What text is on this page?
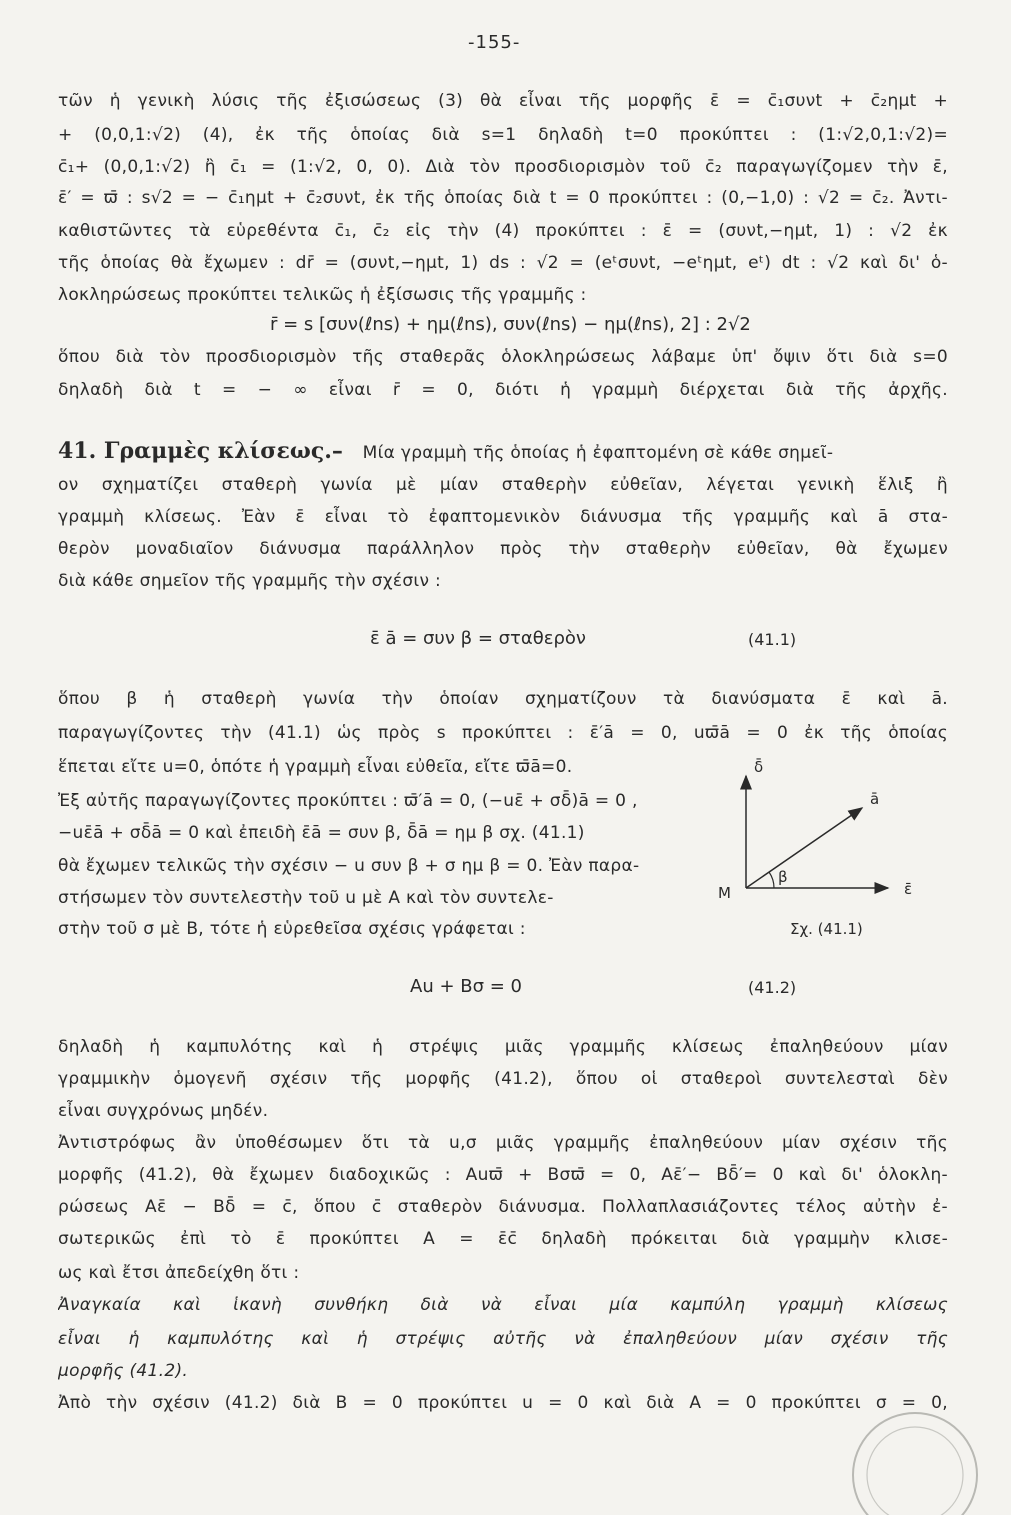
-155-
τῶν ἡ γενικὴ λύσις τῆς ἐξισώσεως (3) θὰ εἶναι τῆς μορφῆς ε̄ = c̄₁συνt + c̄₂ημt +
+ (0,0,1:√2) (4), ἐκ τῆς ὁποίας διὰ s=1 δηλαδὴ t=0 προκύπτει : (1:√2,0,1:√2)=
c̄₁+ (0,0,1:√2) ἢ c̄₁ = (1:√2, 0, 0). Διὰ τὸν προσδιορισμὸν τοῦ c̄₂ παραγωγίζομεν τὴν ε̄,
ε̄′ = ϖ̄ : s√2 = − c̄₁ημt + c̄₂συνt, ἐκ τῆς ὁποίας διὰ t = 0 προκύπτει : (0,−1,0) : √2 = c̄₂. Ἀντι-
καθιστῶντες τὰ εὑρεθέντα c̄₁, c̄₂ εἰς τὴν (4) προκύπτει : ε̄ = (συνt,−ημt, 1) : √2 ἐκ
τῆς ὁποίας θὰ ἔχωμεν : dr̄ = (συνt,−ημt, 1) ds : √2 = (eᵗσυνt, −eᵗημt, eᵗ) dt : √2 καὶ δι' ὁ-
λοκληρώσεως προκύπτει τελικῶς ἡ ἐξίσωσις τῆς γραμμῆς :
r̄ = s [συν(ℓns) + ημ(ℓns), συν(ℓns) − ημ(ℓns), 2] : 2√2
ὅπου διὰ τὸν προσδιορισμὸν τῆς σταθερᾶς ὁλοκληρώσεως λάβαμε ὑπ' ὄψιν ὅτι διὰ s=0
δηλαδὴ διὰ t = − ∞ εἶναι r̄ = 0, διότι ἡ γραμμὴ διέρχεται διὰ τῆς ἀρχῆς.
41. Γραμμὲς κλίσεως.– Μία γραμμὴ τῆς ὁποίας ἡ ἐφαπτομένη σὲ κάθε σημεῖ-
ον σχηματίζει σταθερὴ γωνία μὲ μίαν σταθερὴν εὐθεῖαν, λέγεται γενικὴ ἕλιξ ἢ
γραμμὴ κλίσεως. Ἐὰν ε̄ εἶναι τὸ ἐφαπτομενικὸν διάνυσμα τῆς γραμμῆς καὶ ā στα-
θερὸν μοναδιαῖον διάνυσμα παράλληλον πρὸς τὴν σταθερὴν εὐθεῖαν, θὰ ἔχωμεν
διὰ κάθε σημεῖον τῆς γραμμῆς τὴν σχέσιν :
ε̄ ā = συν β = σταθερὸν	(41.1)
ὅπου β ἡ σταθερὴ γωνία τὴν ὁποίαν σχηματίζουν τὰ διανύσματα ε̄ καὶ ā.
παραγωγίζοντες τὴν (41.1) ὡς πρὸς s προκύπτει : ε̄′ā = 0, uϖ̄ā = 0 ἐκ τῆς ὁποίας
ἕπεται εἴτε u=0, ὁπότε ἡ γραμμὴ εἶναι εὐθεῖα, εἴτε ϖ̄ā=0.
Ἐξ αὐτῆς παραγωγίζοντες προκύπτει : ϖ̄′ā = 0, (−uε̄ + σδ̄)ā = 0 ,
−uε̄ā + σδ̄ā = 0 καὶ ἐπειδὴ ε̄ā = συν β, δ̄ā = ημ β σχ. (41.1)
θὰ ἔχωμεν τελικῶς τὴν σχέσιν − u συν β + σ ημ β = 0. Ἐὰν παρα-
στήσωμεν τὸν συντελεστὴν τοῦ u μὲ Α καὶ τὸν συντελε-
στὴν τοῦ σ μὲ Β, τότε ἡ εὑρεθεῖσα σχέσις γράφεται :
δ̄
ā
ε̄
β
Μ
Σχ. (41.1)
Αu + Βσ = 0	(41.2)
δηλαδὴ ἡ καμπυλότης καὶ ἡ στρέψις μιᾶς γραμμῆς κλίσεως ἐπαληθεύουν μίαν
γραμμικὴν ὁμογενῆ σχέσιν τῆς μορφῆς (41.2), ὅπου οἱ σταθεροὶ συντελεσταὶ δὲν
εἶναι συγχρόνως μηδέν.
Ἀντιστρόφως ἂν ὑποθέσωμεν ὅτι τὰ u,σ μιᾶς γραμμῆς ἐπαληθεύουν μίαν σχέσιν τῆς
μορφῆς (41.2), θὰ ἔχωμεν διαδοχικῶς : Αuϖ̄ + Βσϖ̄ = 0, Αε̄′− Βδ̄′= 0 καὶ δι' ὁλοκλη-
ρώσεως Αε̄ − Βδ̄ = c̄, ὅπου c̄ σταθερὸν διάνυσμα. Πολλαπλασιάζοντες τέλος αὐτὴν ἐ-
σωτερικῶς ἐπὶ τὸ ε̄ προκύπτει Α = ε̄c̄ δηλαδὴ πρόκειται διὰ γραμμὴν κλισε-
ως καὶ ἔτσι ἀπεδείχθη ὅτι :
Ἀναγκαία καὶ ἱκανὴ συνθήκη διὰ νὰ εἶναι μία καμπύλη γραμμὴ κλίσεως
εἶναι ἡ καμπυλότης καὶ ἡ στρέψις αὐτῆς νὰ ἐπαληθεύουν μίαν σχέσιν τῆς
μορφῆς (41.2).
Ἀπὸ τὴν σχέσιν (41.2) διὰ Β = 0 προκύπτει u = 0 καὶ διὰ Α = 0 προκύπτει σ = 0,
